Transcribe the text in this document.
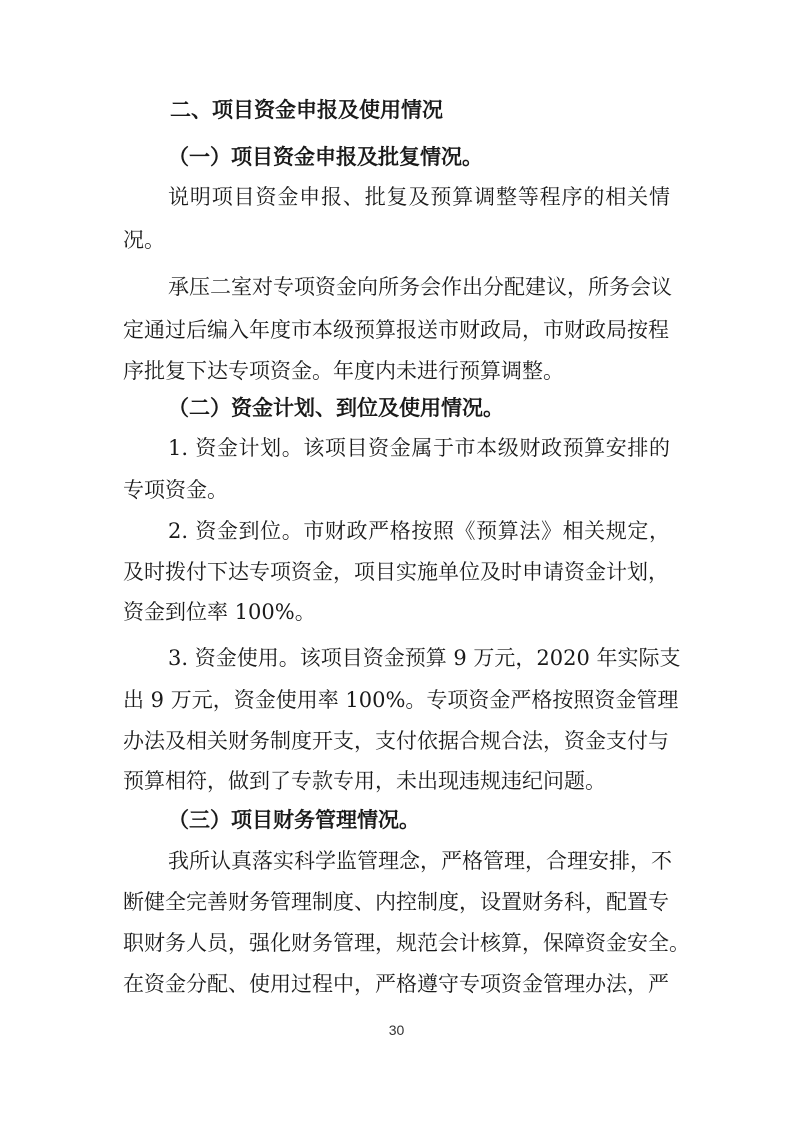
二、项目资金申报及使用情况
（一）项目资金申报及批复情况。
说明项目资金申报、批复及预算调整等程序的相关情
况。
承压二室对专项资金向所务会作出分配建议，所务会议
定通过后编入年度市本级预算报送市财政局，市财政局按程
序批复下达专项资金。年度内未进行预算调整。
（二）资金计划、到位及使用情况。
1. 资金计划。该项目资金属于市本级财政预算安排的
专项资金。
2. 资金到位。市财政严格按照《预算法》相关规定，
及时拨付下达专项资金，项目实施单位及时申请资金计划，
资金到位率 100%。
3. 资金使用。该项目资金预算 9 万元，2020 年实际支
出 9 万元，资金使用率 100%。专项资金严格按照资金管理
办法及相关财务制度开支，支付依据合规合法，资金支付与
预算相符，做到了专款专用，未出现违规违纪问题。
（三）项目财务管理情况。
我所认真落实科学监管理念，严格管理，合理安排，不
断健全完善财务管理制度、内控制度，设置财务科，配置专
职财务人员，强化财务管理，规范会计核算，保障资金安全。
在资金分配、使用过程中，严格遵守专项资金管理办法，严
30
